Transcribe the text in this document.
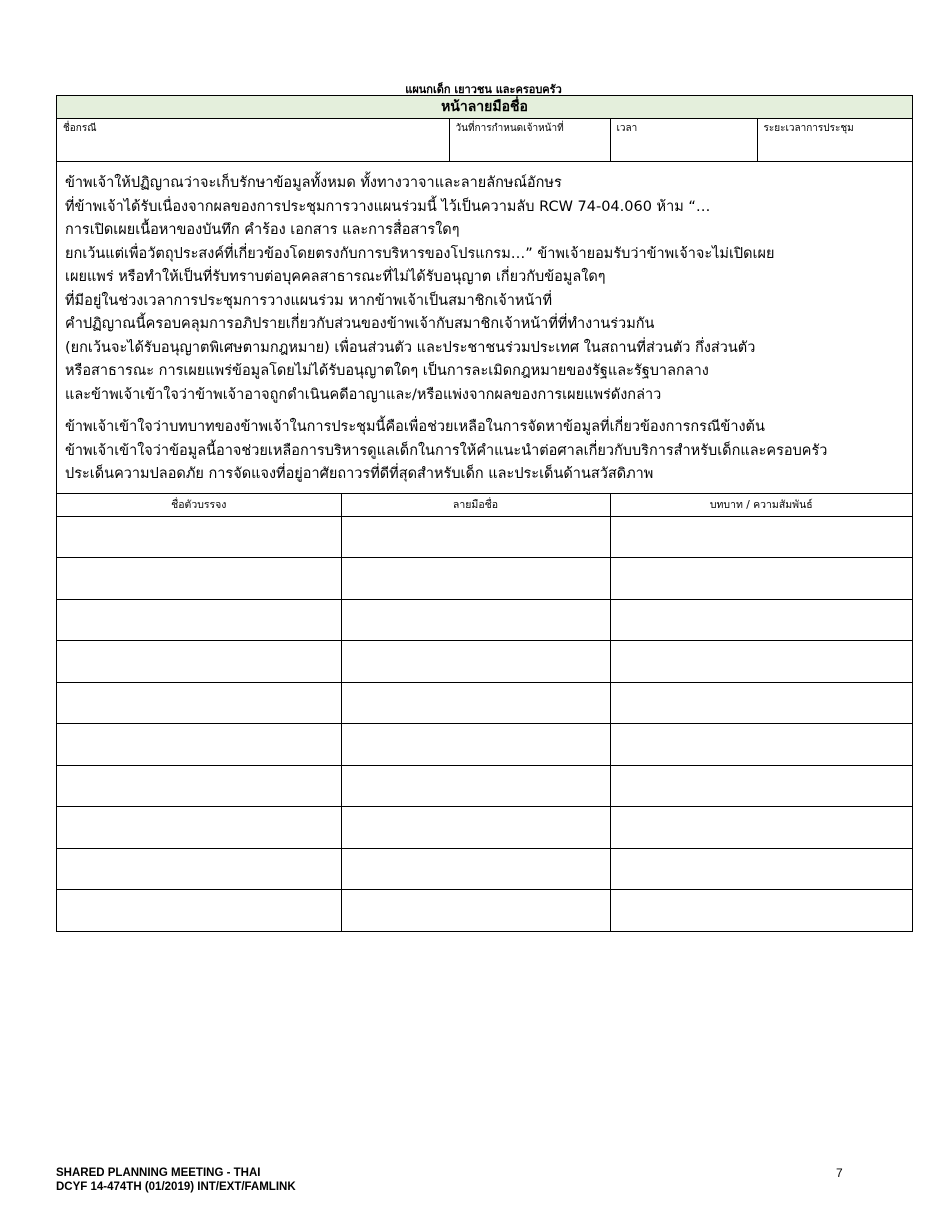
แผนกเด็ก เยาวชน และครอบครัว
หน้าลายมือชื่อ
ชื่อกรณี	วันที่การกำหนดเจ้าหน้าที่	เวลา	ระยะเวลาการประชุม

ข้าพเจ้าให้ปฏิญาณว่าจะเก็บรักษาข้อมูลทั้งหมด ทั้งทางวาจาและลายลักษณ์อักษร
ที่ข้าพเจ้าได้รับเนื่องจากผลของการประชุมการวางแผนร่วมนี้ ไว้เป็นความลับ RCW 74-04.060 ห้าม “…
การเปิดเผยเนื้อหาของบันทึก คำร้อง เอกสาร และการสื่อสารใดๆ
ยกเว้นแต่เพื่อวัตถุประสงค์ที่เกี่ยวข้องโดยตรงกับการบริหารของโปรแกรม…” ข้าพเจ้ายอมรับว่าข้าพเจ้าจะไม่เปิดเผย
เผยแพร่ หรือทำให้เป็นที่รับทราบต่อบุคคลสาธารณะที่ไม่ได้รับอนุญาต เกี่ยวกับข้อมูลใดๆ
ที่มีอยู่ในช่วงเวลาการประชุมการวางแผนร่วม หากข้าพเจ้าเป็นสมาชิกเจ้าหน้าที่
คำปฏิญาณนี้ครอบคลุมการอภิปรายเกี่ยวกับส่วนของข้าพเจ้ากับสมาชิกเจ้าหน้าที่ที่ทำงานร่วมกัน
(ยกเว้นจะได้รับอนุญาตพิเศษตามกฎหมาย) เพื่อนส่วนตัว และประชาชนร่วมประเทศ ในสถานที่ส่วนตัว กึ่งส่วนตัว
หรือสาธารณะ การเผยแพร่ข้อมูลโดยไม่ได้รับอนุญาตใดๆ เป็นการละเมิดกฎหมายของรัฐและรัฐบาลกลาง
และข้าพเจ้าเข้าใจว่าข้าพเจ้าอาจถูกดำเนินคดีอาญาและ/หรือแพ่งจากผลของการเผยแพร่ดังกล่าว

ข้าพเจ้าเข้าใจว่าบทบาทของข้าพเจ้าในการประชุมนี้คือเพื่อช่วยเหลือในการจัดหาข้อมูลที่เกี่ยวข้องการกรณีข้างต้น
ข้าพเจ้าเข้าใจว่าข้อมูลนี้อาจช่วยเหลือการบริหารดูแลเด็กในการให้คำแนะนำต่อศาลเกี่ยวกับบริการสำหรับเด็กและครอบครัว
ประเด็นความปลอดภัย การจัดแจงที่อยู่อาศัยถาวรที่ดีที่สุดสำหรับเด็ก และประเด็นด้านสวัสดิภาพ

ชื่อตัวบรรจง	ลายมือชื่อ	บทบาท / ความสัมพันธ์

SHARED PLANNING MEETING - THAI
DCYF 14-474TH (01/2019) INT/EXT/FAMLINK
7
